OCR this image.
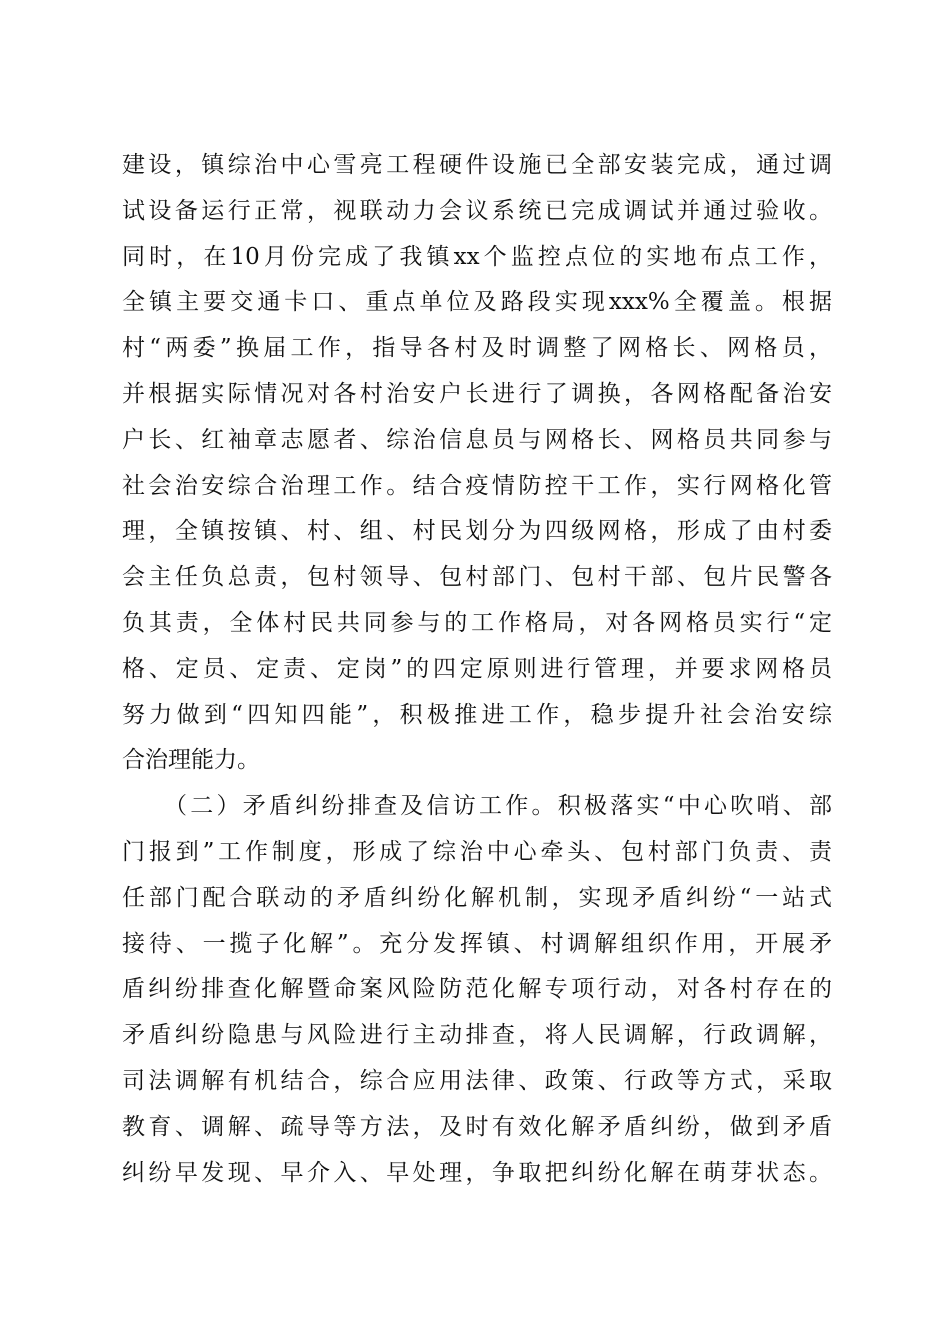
建设，镇综治中心雪亮工程硬件设施已全部安装完成，通过调
试设备运行正常，视联动力会议系统已完成调试并通过验收。
同时，在10月份完成了我镇xx个监控点位的实地布点工作，
全镇主要交通卡口、重点单位及路段实现xxx%全覆盖。根据
村“两委”换届工作，指导各村及时调整了网格长、网格员，
并根据实际情况对各村治安户长进行了调换，各网格配备治安
户长、红袖章志愿者、综治信息员与网格长、网格员共同参与
社会治安综合治理工作。结合疫情防控干工作，实行网格化管
理，全镇按镇、村、组、村民划分为四级网格，形成了由村委
会主任负总责，包村领导、包村部门、包村干部、包片民警各
负其责，全体村民共同参与的工作格局，对各网格员实行“定
格、定员、定责、定岗”的四定原则进行管理，并要求网格员
努力做到“四知四能”，积极推进工作，稳步提升社会治安综
合治理能力。
（二）矛盾纠纷排查及信访工作。积极落实“中心吹哨、部
门报到”工作制度，形成了综治中心牵头、包村部门负责、责
任部门配合联动的矛盾纠纷化解机制，实现矛盾纠纷“一站式
接待、一揽子化解”。充分发挥镇、村调解组织作用，开展矛
盾纠纷排查化解暨命案风险防范化解专项行动，对各村存在的
矛盾纠纷隐患与风险进行主动排查，将人民调解，行政调解，
司法调解有机结合，综合应用法律、政策、行政等方式，采取
教育、调解、疏导等方法，及时有效化解矛盾纠纷，做到矛盾
纠纷早发现、早介入、早处理，争取把纠纷化解在萌芽状态。
